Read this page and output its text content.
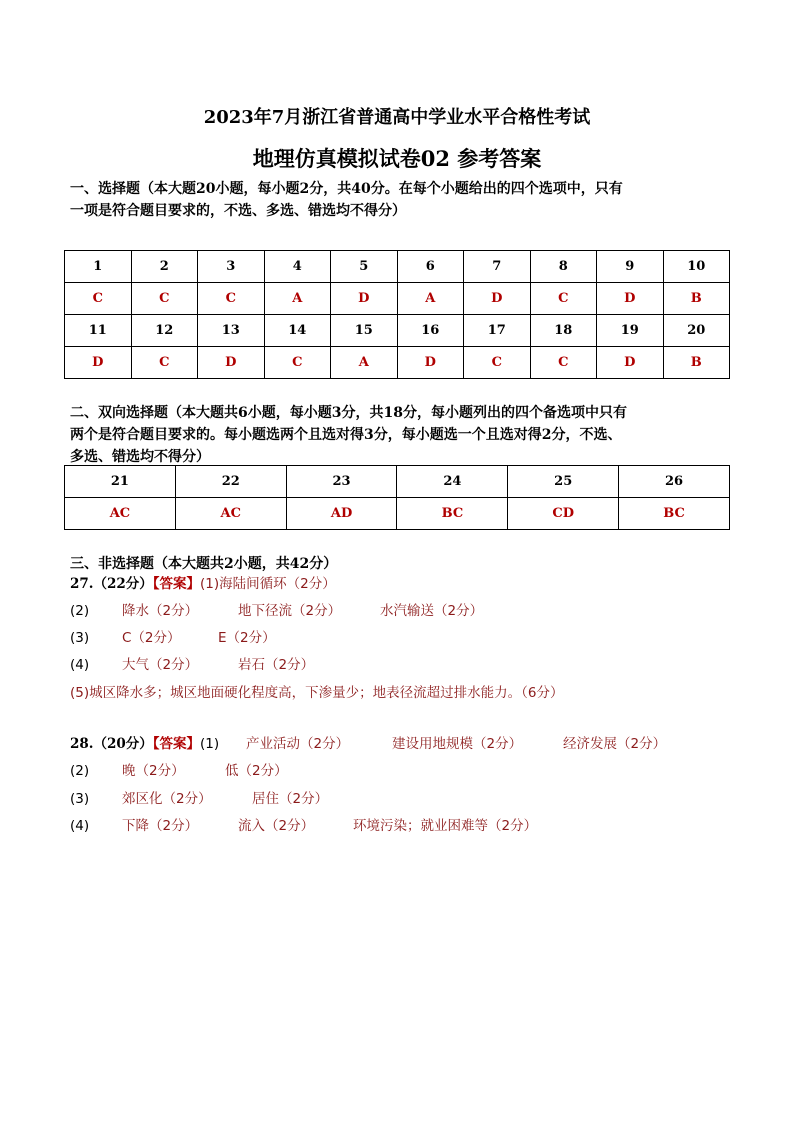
2023年7月浙江省普通高中学业水平合格性考试
地理仿真模拟试卷02 参考答案
一、选择题（本大题20小题，每小题2分，共40分。在每个小题给出的四个选项中，只有
一项是符合题目要求的，不选、多选、错选均不得分）
1	2	3	4	5	6	7	8	9	10
C	C	C	A	D	A	D	C	D	B
11	12	13	14	15	16	17	18	19	20
D	C	D	C	A	D	C	C	D	B
二、双向选择题（本大题共6小题，每小题3分，共18分，每小题列出的四个备选项中只有
两个是符合题目要求的。每小题选两个且选对得3分，每小题选一个且选对得2分，不选、
多选、错选均不得分）
21	22	23	24	25	26
AC	AC	AD	BC	CD	BC
三、非选择题（本大题共2小题，共42分）
27.（22分）【答案】(1)海陆间循环（2分）
(2) 降水（2分）	地下径流（2分）	水汽输送（2分）
(3) C（2分）	E（2分）
(4) 大气（2分）	岩石（2分）
(5)城区降水多；城区地面硬化程度高，下渗量少；地表径流超过排水能力。（6分）
28.（20分）【答案】(1) 产业活动（2分）	建设用地规模（2分）	经济发展（2分）
(2) 晚（2分）	低（2分）
(3) 郊区化（2分）	居住（2分）
(4) 下降（2分）	流入（2分）	环境污染；就业困难等（2分）
